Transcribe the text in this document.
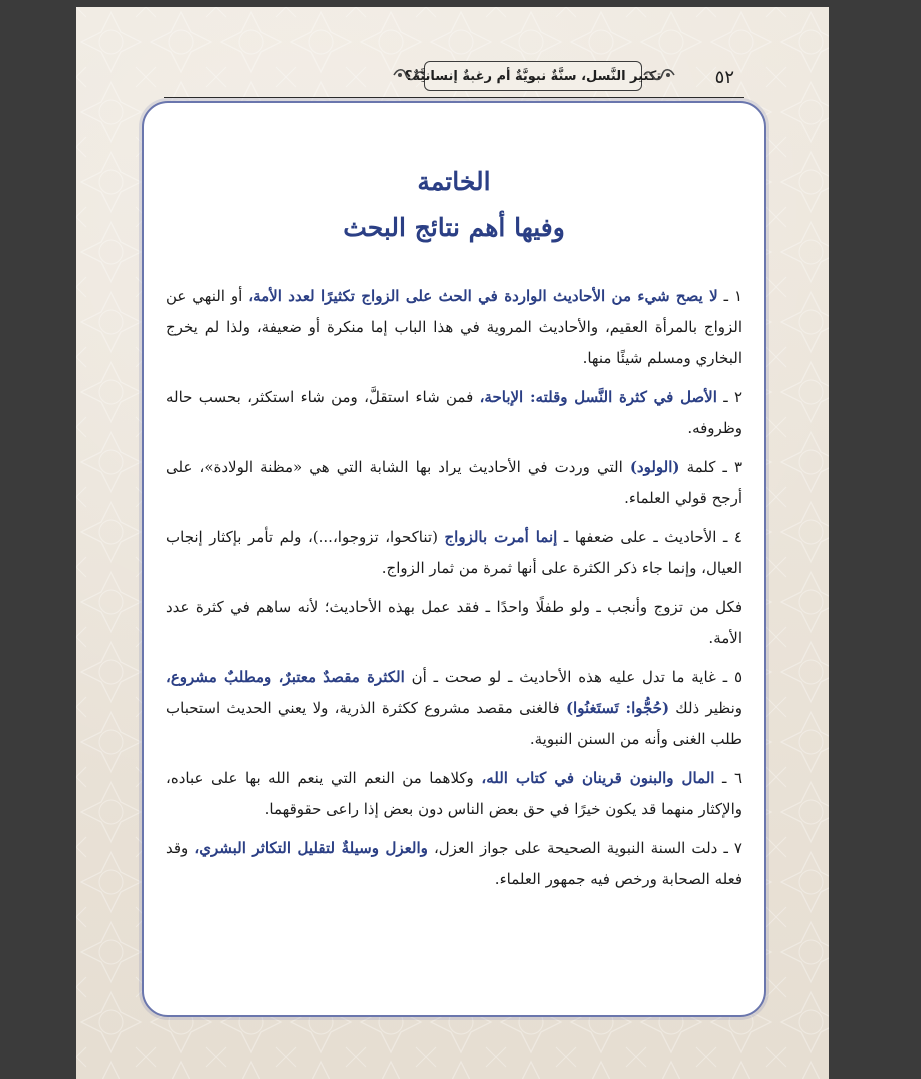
٥٢
تكثير النَّسل، سنَّةٌ نبويَّةٌ أم رغبةٌ إنسانيَّةٌ؟
الخاتمة
وفيها أهم نتائج البحث

١ ـ لا يصح شيء من الأحاديث الواردة في الحث على الزواج تكثيرًا لعدد الأمة، أو النهي عن الزواج بالمرأة العقيم، والأحاديث المروية في هذا الباب إما منكرة أو ضعيفة، ولذا لم يخرج البخاري ومسلم شيئًا منها.

٢ ـ الأصل في كثرة النَّسل وقلته: الإباحة، فمن شاء استقلَّ، ومن شاء استكثر، بحسب حاله وظروفه.

٣ ـ كلمة (الولود) التي وردت في الأحاديث يراد بها الشابة التي هي «مظنة الولادة»، على أرجح قولي العلماء.

٤ ـ الأحاديث ـ على ضعفها ـ إنما أمرت بالزواج (تناكحوا، تزوجوا،...)، ولم تأمر بإكثار إنجاب العيال، وإنما جاء ذكر الكثرة على أنها ثمرة من ثمار الزواج.

فكل من تزوج وأنجب ـ ولو طفلًا واحدًا ـ فقد عمل بهذه الأحاديث؛ لأنه ساهم في كثرة عدد الأمة.

٥ ـ غاية ما تدل عليه هذه الأحاديث ـ لو صحت ـ أن الكثرة مقصدٌ معتبرٌ، ومطلبٌ مشروع، ونظير ذلك (حُجُّوا: تَستَغنُوا) فالغنى مقصد مشروع ككثرة الذرية، ولا يعني الحديث استحباب طلب الغنى وأنه من السنن النبوية.

٦ ـ المال والبنون قرينان في كتاب الله، وكلاهما من النعم التي ينعم الله بها على عباده، والإكثار منهما قد يكون خيرًا في حق بعض الناس دون بعض إذا راعى حقوقهما.

٧ ـ دلت السنة النبوية الصحيحة على جواز العزل، والعزل وسيلةٌ لتقليل التكاثر البشري، وقد فعله الصحابة ورخص فيه جمهور العلماء.
